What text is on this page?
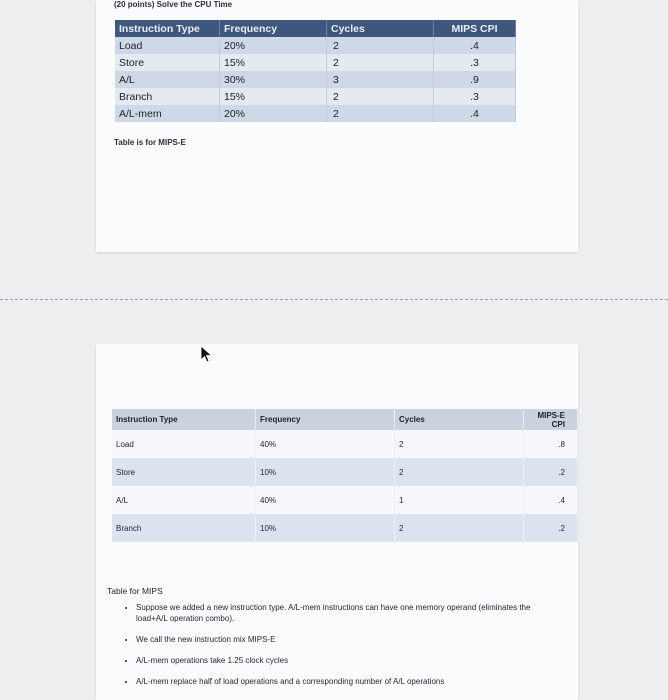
(20 points) Solve the CPU Time
Instruction Type	Frequency	Cycles	MIPS CPI
Load	20%	2	.4
Store	15%	2	.3
A/L	30%	3	.9
Branch	15%	2	.3
A/L-mem	20%	2	.4
Table is for MIPS-E
Instruction Type	Frequency	Cycles	MIPS-E CPI
Load	40%	2	.8
Store	10%	2	.2
A/L	40%	1	.4
Branch	10%	2	.2
Table for MIPS
• Suppose we added a new instruction type. A/L-mem instructions can have one memory operand (eliminates the load+A/L operation combo).
• We call the new instruction mix MIPS-E
• A/L-mem operations take 1.25 clock cycles
• A/L-mem replace half of load operations and a corresponding number of A/L operations
